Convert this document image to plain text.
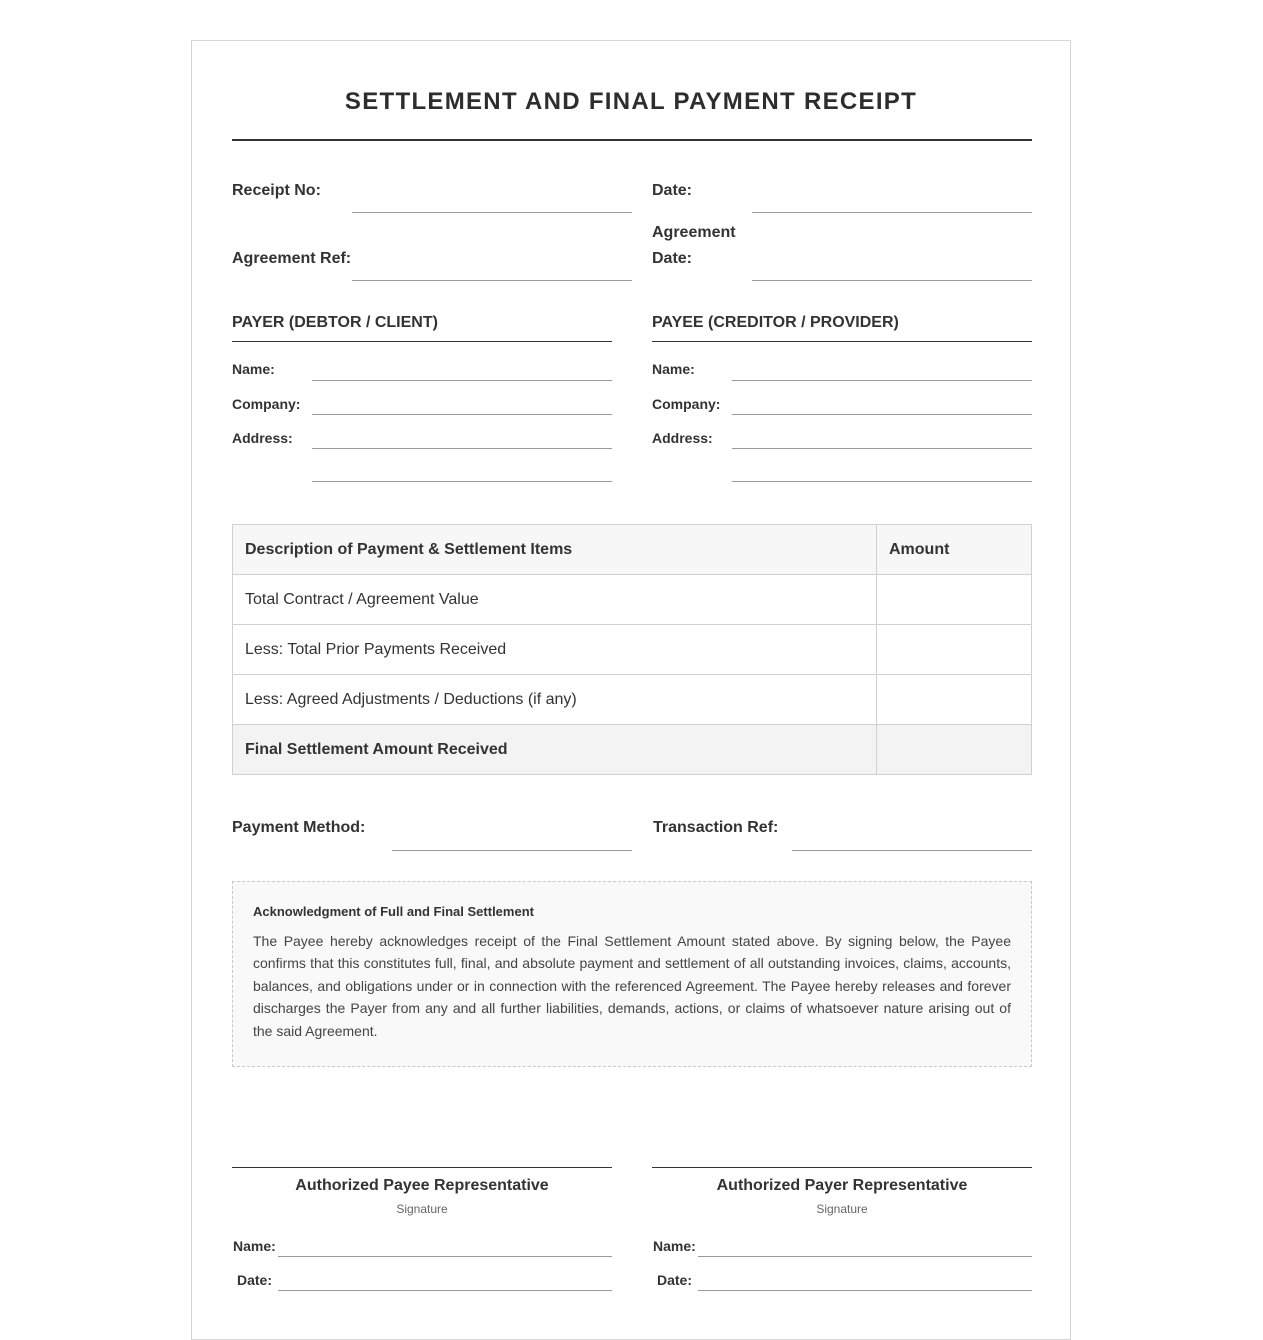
SETTLEMENT AND FINAL PAYMENT RECEIPT
Receipt No:	Date:
Agreement Ref:
Agreement
Date:
PAYER (DEBTOR / CLIENT)
Name:
Company:
Address:
PAYEE (CREDITOR / PROVIDER)
Name:
Company:
Address:
Description of Payment & Settlement Items	Amount
Total Contract / Agreement Value	
Less: Total Prior Payments Received	
Less: Agreed Adjustments / Deductions (if any)	
Final Settlement Amount Received	
Payment Method:	Transaction Ref:
Acknowledgment of Full and Final Settlement
The Payee hereby acknowledges receipt of the Final Settlement Amount stated above. By signing below, the Payee confirms that this constitutes full, final, and absolute payment and settlement of all outstanding invoices, claims, accounts, balances, and obligations under or in connection with the referenced Agreement. The Payee hereby releases and forever discharges the Payer from any and all further liabilities, demands, actions, or claims of whatsoever nature arising out of the said Agreement.
Authorized Payee Representative
Signature
Name:
Date:
Authorized Payer Representative
Signature
Name:
Date:
